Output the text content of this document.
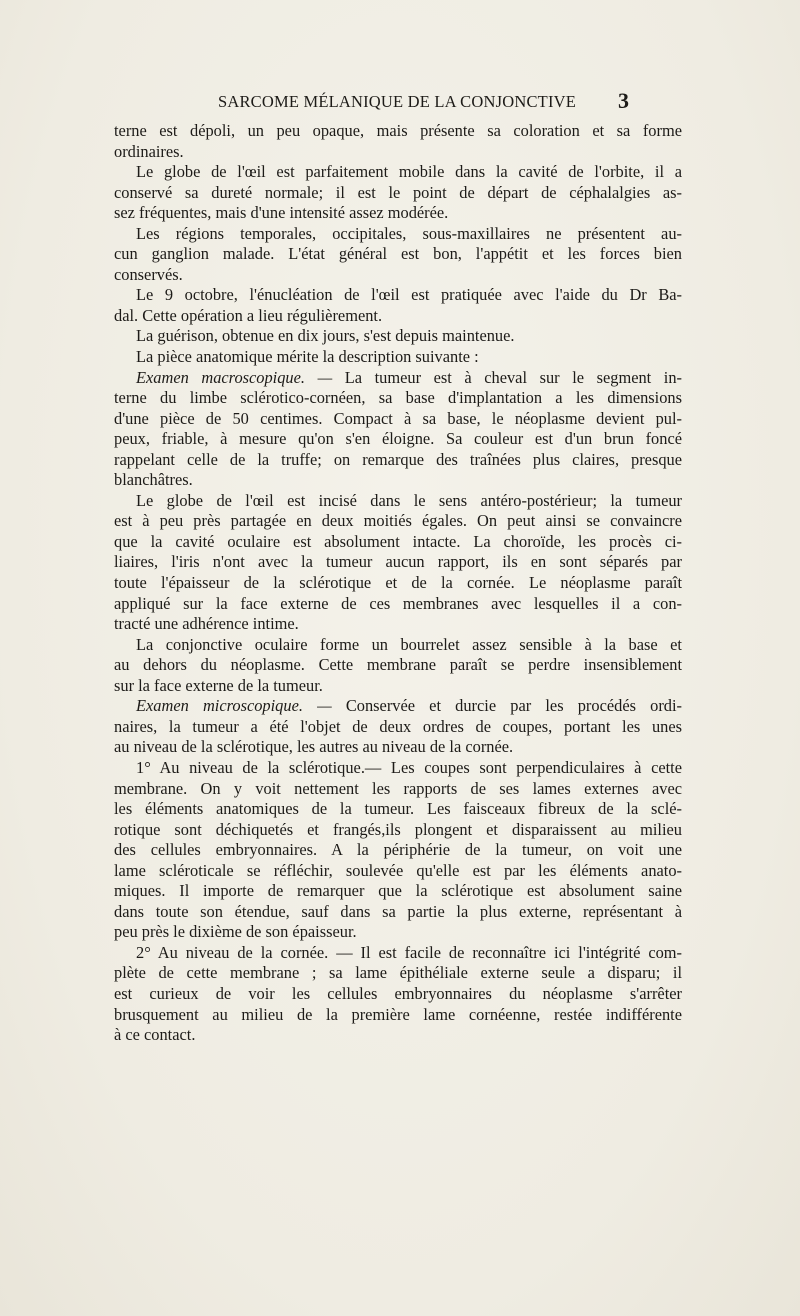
SARCOME MÉLANIQUE DE LA CONJONCTIVE	3
terne est dépoli, un peu opaque, mais présente sa coloration et sa forme
ordinaires.
Le globe de l'œil est parfaitement mobile dans la cavité de l'orbite, il a
conservé sa dureté normale; il est le point de départ de céphalalgies as-
sez fréquentes, mais d'une intensité assez modérée.
Les régions temporales, occipitales, sous-maxillaires ne présentent au-
cun ganglion malade. L'état général est bon, l'appétit et les forces bien
conservés.
Le 9 octobre, l'énucléation de l'œil est pratiquée avec l'aide du Dr Ba-
dal. Cette opération a lieu régulièrement.
La guérison, obtenue en dix jours, s'est depuis maintenue.
La pièce anatomique mérite la description suivante :
Examen macroscopique. — La tumeur est à cheval sur le segment in-
terne du limbe sclérotico-cornéen, sa base d'implantation a les dimensions
d'une pièce de 50 centimes. Compact à sa base, le néoplasme devient pul-
peux, friable, à mesure qu'on s'en éloigne. Sa couleur est d'un brun foncé
rappelant celle de la truffe; on remarque des traînées plus claires, presque
blanchâtres.
Le globe de l'œil est incisé dans le sens antéro-postérieur; la tumeur
est à peu près partagée en deux moitiés égales. On peut ainsi se convaincre
que la cavité oculaire est absolument intacte. La choroïde, les procès ci-
liaires, l'iris n'ont avec la tumeur aucun rapport, ils en sont séparés par
toute l'épaisseur de la sclérotique et de la cornée. Le néoplasme paraît
appliqué sur la face externe de ces membranes avec lesquelles il a con-
tracté une adhérence intime.
La conjonctive oculaire forme un bourrelet assez sensible à la base et
au dehors du néoplasme. Cette membrane paraît se perdre insensiblement
sur la face externe de la tumeur.
Examen microscopique. — Conservée et durcie par les procédés ordi-
naires, la tumeur a été l'objet de deux ordres de coupes, portant les unes
au niveau de la sclérotique, les autres au niveau de la cornée.
1° Au niveau de la sclérotique.— Les coupes sont perpendiculaires à cette
membrane. On y voit nettement les rapports de ses lames externes avec
les éléments anatomiques de la tumeur. Les faisceaux fibreux de la sclé-
rotique sont déchiquetés et frangés,ils plongent et disparaissent au milieu
des cellules embryonnaires. A la périphérie de la tumeur, on voit une
lame scléroticale se réfléchir, soulevée qu'elle est par les éléments anato-
miques. Il importe de remarquer que la sclérotique est absolument saine
dans toute son étendue, sauf dans sa partie la plus externe, représentant à
peu près le dixième de son épaisseur.
2° Au niveau de la cornée. — Il est facile de reconnaître ici l'intégrité com-
plète de cette membrane ; sa lame épithéliale externe seule a disparu; il
est curieux de voir les cellules embryonnaires du néoplasme s'arrêter
brusquement au milieu de la première lame cornéenne, restée indifférente
à ce contact.
